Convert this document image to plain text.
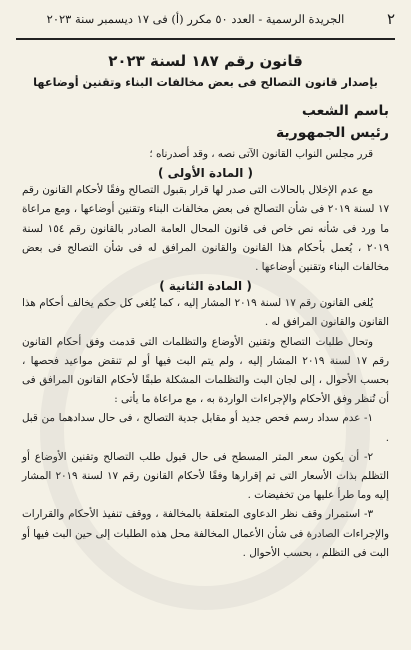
٢
الجريدة الرسمية - العدد ٥٠ مكرر (أ) فى ١٧ ديسمبر سنة ٢٠٢٣
قانون رقم ١٨٧ لسنة ٢٠٢٣
بإصدار قانون التصالح فى بعض مخالفات البناء وتقنين أوضاعها
باسم الشعب
رئيس الجمهورية

قرر مجلس النواب القانون الآتى نصه ، وقد أصدرناه ؛

( المادة الأولى )

مع عدم الإخلال بالحالات التى صدر لها قرار بقبول التصالح وفقًا لأحكام القانون رقم ١٧ لسنة ٢٠١٩ فى شأن التصالح فى بعض مخالفات البناء وتقنين أوضاعها ، ومع مراعاة ما ورد فى شأنه نص خاص فى قانون المحال العامة الصادر بالقانون رقم ١٥٤ لسنة ٢٠١٩ ، يُعمل بأحكام هذا القانون والقانون المرافق له فى شأن التصالح فى بعض مخالفات البناء وتقنين أوضاعها .

( المادة الثانية )

يُلغى القانون رقم ١٧ لسنة ٢٠١٩ المشار إليه ، كما يُلغى كل حكم يخالف أحكام هذا القانون والقانون المرافق له .

وتحال طلبات التصالح وتقنين الأوضاع والتظلمات التى قدمت وفق أحكام القانون رقم ١٧ لسنة ٢٠١٩ المشار إليه ، ولم يتم البت فيها أو لم تنقض مواعيد فحصها ، بحسب الأحوال ، إلى لجان البت والتظلمات المشكلة طبقًا لأحكام القانون المرافق فى أن تُنظر وفق الأحكام والإجراءات الواردة به ، مع مراعاة ما يأتى :

١- عدم سداد رسم فحص جديد أو مقابل جدية التصالح ، فى حال سدادهما من قبل .

٢- أن يكون سعر المتر المسطح فى حال قبول طلب التصالح وتقنين الأوضاع أو التظلم بذات الأسعار التى تم إقرارها وفقًا لأحكام القانون رقم ١٧ لسنة ٢٠١٩ المشار إليه وما طرأ عليها من تخفيضات .

٣- استمرار وقف نظر الدعاوى المتعلقة بالمخالفة ، ووقف تنفيذ الأحكام والقرارات والإجراءات الصادرة فى شأن الأعمال المخالفة محل هذه الطلبات إلى حين البت فيها أو البت فى التظلم ، بحسب الأحوال .
